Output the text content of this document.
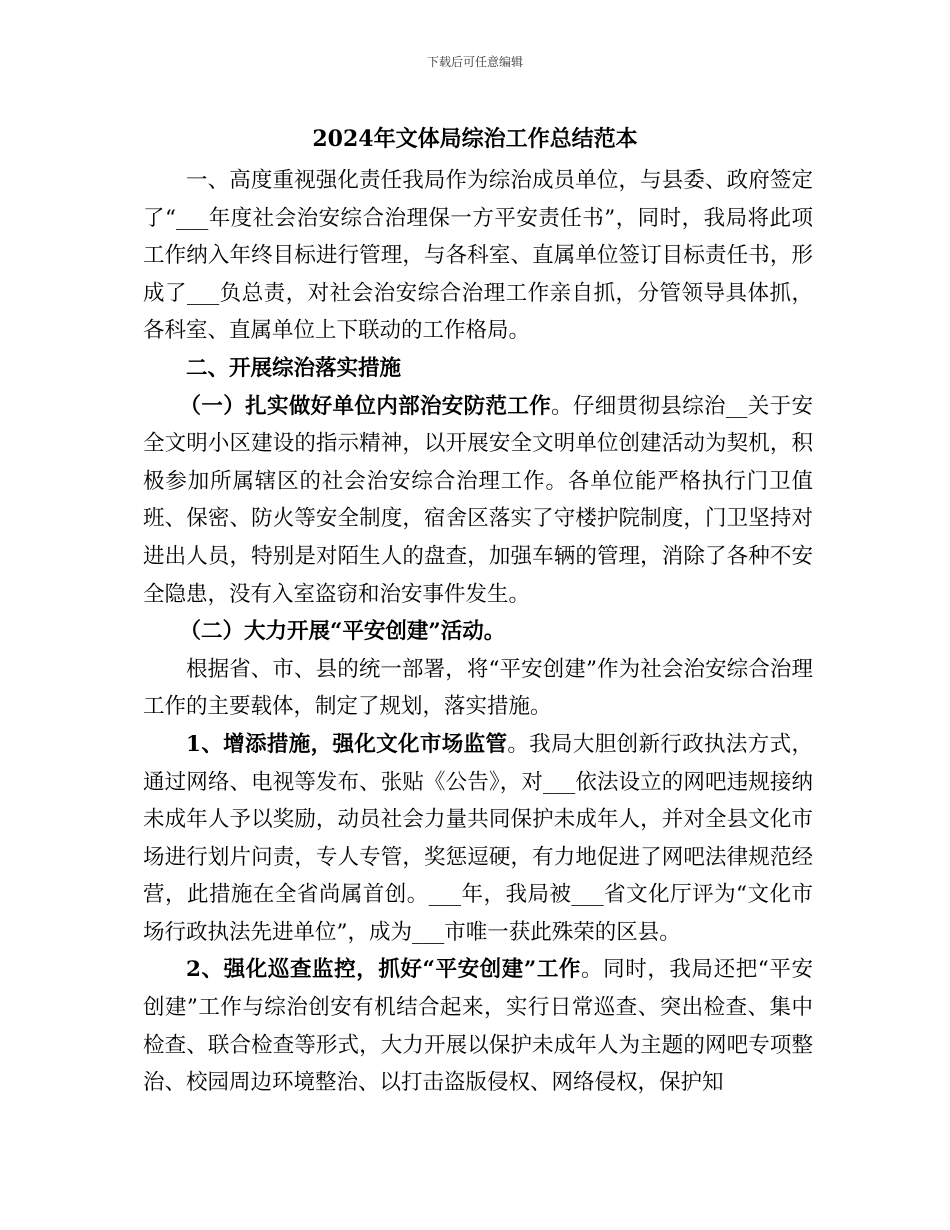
下载后可任意编辑
2024年文体局综治工作总结范本

一、高度重视强化责任我局作为综治成员单位，与县委、政府签定了“___年度社会治安综合治理保一方平安责任书”，同时，我局将此项工作纳入年终目标进行管理，与各科室、直属单位签订目标责任书，形成了___负总责，对社会治安综合治理工作亲自抓，分管领导具体抓，各科室、直属单位上下联动的工作格局。

二、开展综治落实措施

（一）扎实做好单位内部治安防范工作。仔细贯彻县综治__关于安全文明小区建设的指示精神，以开展安全文明单位创建活动为契机，积极参加所属辖区的社会治安综合治理工作。各单位能严格执行门卫值班、保密、防火等安全制度，宿舍区落实了守楼护院制度，门卫坚持对进出人员，特别是对陌生人的盘查，加强车辆的管理，消除了各种不安全隐患，没有入室盗窃和治安事件发生。

（二）大力开展“平安创建”活动。

根据省、市、县的统一部署，将“平安创建”作为社会治安综合治理工作的主要载体，制定了规划，落实措施。

1、增添措施，强化文化市场监管。我局大胆创新行政执法方式，通过网络、电视等发布、张贴《公告》，对___依法设立的网吧违规接纳未成年人予以奖励，动员社会力量共同保护未成年人，并对全县文化市场进行划片问责，专人专管，奖惩逗硬，有力地促进了网吧法律规范经营，此措施在全省尚属首创。___年，我局被___省文化厅评为“文化市场行政执法先进单位”，成为___市唯一获此殊荣的区县。

2、强化巡查监控，抓好“平安创建”工作。同时，我局还把“平安创建”工作与综治创安有机结合起来，实行日常巡查、突出检查、集中检查、联合检查等形式，大力开展以保护未成年人为主题的网吧专项整治、校园周边环境整治、以打击盗版侵权、网络侵权，保护知
